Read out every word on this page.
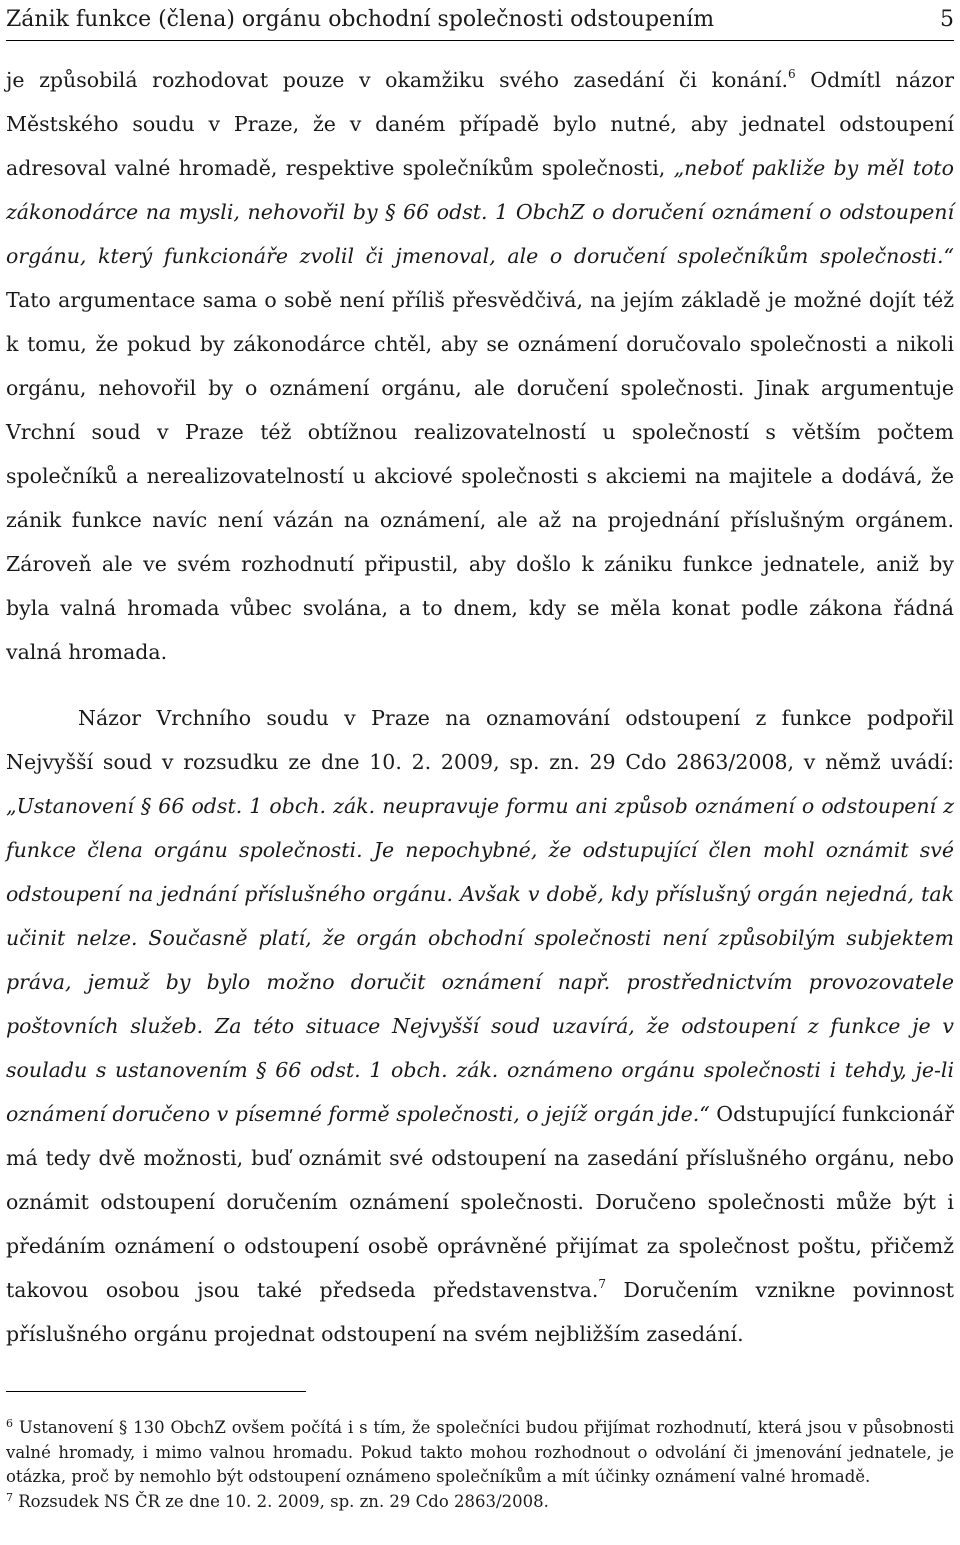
Zánik funkce (člena) orgánu obchodní společnosti odstoupením	5

je způsobilá rozhodovat pouze v okamžiku svého zasedání či konání.$^6$ Odmítl názor Městského soudu v Praze, že v daném případě bylo nutné, aby jednatel odstoupení adresoval valné hromadě, respektive společníkům společnosti, „neboť pakliže by měl toto zákonodárce na mysli, nehovořil by § 66 odst. 1 ObchZ o doručení oznámení o odstoupení orgánu, který funkcionáře zvolil či jmenoval, ale o doručení společníkům společnosti.“ Tato argumentace sama o sobě není příliš přesvědčivá, na jejím základě je možné dojít též k tomu, že pokud by zákonodárce chtěl, aby se oznámení doručovalo společnosti a nikoli orgánu, nehovořil by o oznámení orgánu, ale doručení společnosti. Jinak argumentuje Vrchní soud v Praze též obtížnou realizovatelností u společností s větším počtem společníků a nerealizovatelností u akciové společnosti s akciemi na majitele a dodává, že zánik funkce navíc není vázán na oznámení, ale až na projednání příslušným orgánem. Zároveň ale ve svém rozhodnutí připustil, aby došlo k zániku funkce jednatele, aniž by byla valná hromada vůbec svolána, a to dnem, kdy se měla konat podle zákona řádná valná hromada.

Názor Vrchního soudu v Praze na oznamování odstoupení z funkce podpořil Nejvyšší soud v rozsudku ze dne 10. 2. 2009, sp. zn. 29 Cdo 2863/2008, v němž uvádí: „Ustanovení § 66 odst. 1 obch. zák. neupravuje formu ani způsob oznámení o odstoupení z funkce člena orgánu společnosti. Je nepochybné, že odstupující člen mohl oznámit své odstoupení na jednání příslušného orgánu. Avšak v době, kdy příslušný orgán nejedná, tak učinit nelze. Současně platí, že orgán obchodní společnosti není způsobilým subjektem práva, jemuž by bylo možno doručit oznámení např. prostřednictvím provozovatele poštovních služeb. Za této situace Nejvyšší soud uzavírá, že odstoupení z funkce je v souladu s ustanovením § 66 odst. 1 obch. zák. oznámeno orgánu společnosti i tehdy, je-li oznámení doručeno v písemné formě společnosti, o jejíž orgán jde.“ Odstupující funkcionář má tedy dvě možnosti, buď oznámit své odstoupení na zasedání příslušného orgánu, nebo oznámit odstoupení doručením oznámení společnosti. Doručeno společnosti může být i předáním oznámení o odstoupení osobě oprávněné přijímat za společnost poštu, přičemž takovou osobou jsou také předseda představenstva.$^7$ Doručením vznikne povinnost příslušného orgánu projednat odstoupení na svém nejbližším zasedání.

$^6$ Ustanovení § 130 ObchZ ovšem počítá i s tím, že společníci budou přijímat rozhodnutí, která jsou v působnosti valné hromady, i mimo valnou hromadu. Pokud takto mohou rozhodnout o odvolání či jmenování jednatele, je otázka, proč by nemohlo být odstoupení oznámeno společníkům a mít účinky oznámení valné hromadě.

$^7$ Rozsudek NS ČR ze dne 10. 2. 2009, sp. zn. 29 Cdo 2863/2008.
